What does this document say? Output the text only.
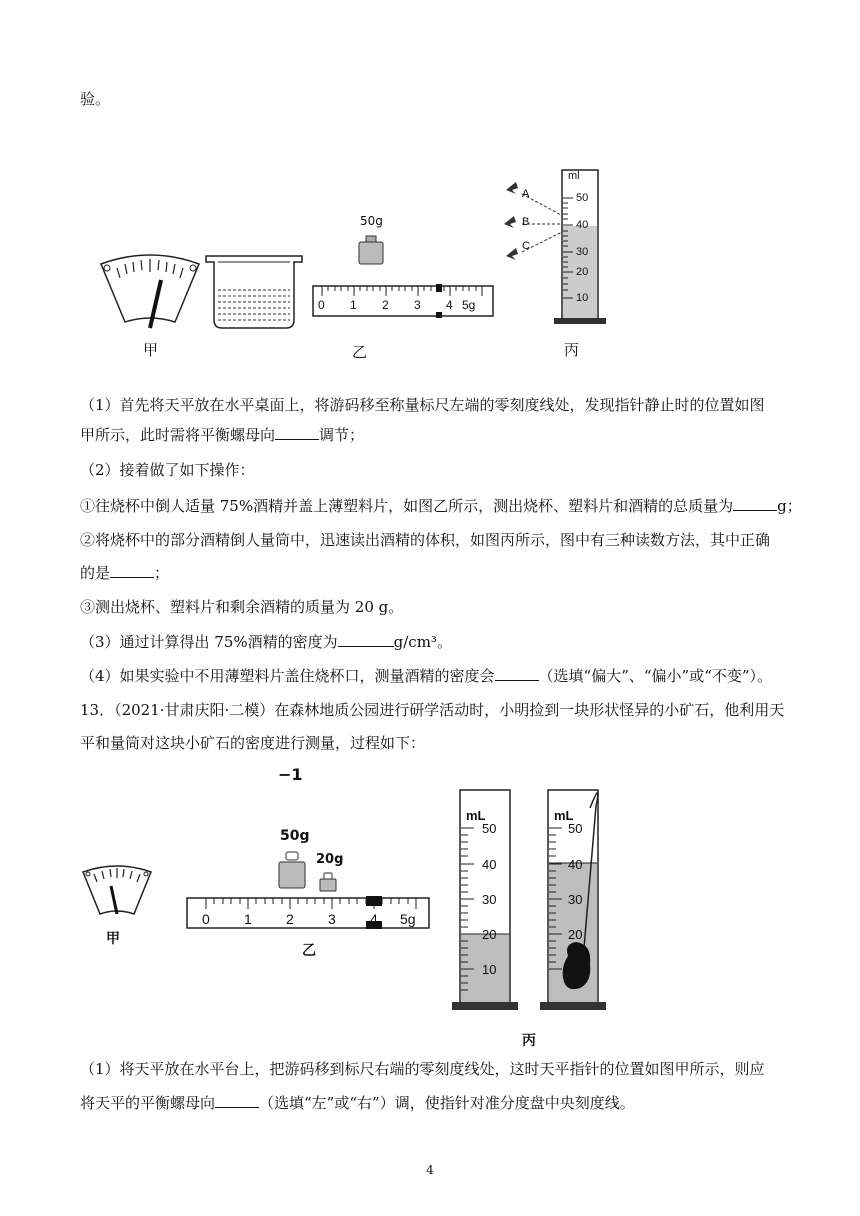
验。
甲
50g
0 1 2 3 4 5g
乙
ml
50
40
30
20
10
A
B
C
丙
（1）首先将天平放在水平桌面上，将游码移至称量标尺左端的零刻度线处，发现指针静止时的位置如图
甲所示，此时需将平衡螺母向	调节；
（2）接着做了如下操作：
①往烧杯中倒人适量 75%酒精并盖上薄塑料片，如图乙所示，测出烧杯、塑料片和酒精的总质量为	g；
②将烧杯中的部分酒精倒人量筒中，迅速读出酒精的体积，如图丙所示，图中有三种读数方法，其中正确
的是	；
③测出烧杯、塑料片和剩余酒精的质量为 20 g。
（3）通过计算得出 75%酒精的密度为	g/cm³。
（4）如果实验中不用薄塑料片盖住烧杯口，测量酒精的密度会	（选填“偏大”、“偏小”或“不变”）。
13．（2021·甘肃庆阳·二模）在森林地质公园进行研学活动时，小明捡到一块形状怪异的小矿石，他利用天
平和量筒对这块小矿石的密度进行测量，过程如下：
−1
甲
50g
20g
0 1 2 3 4 5g
乙
mL
50
40
30
20
10
mL
50
40
30
20
丙
（1）将天平放在水平台上，把游码移到标尺右端的零刻度线处，这时天平指针的位置如图甲所示，则应
将天平的平衡螺母向	（选填“左”或“右”）调，使指针对准分度盘中央刻度线。
4
